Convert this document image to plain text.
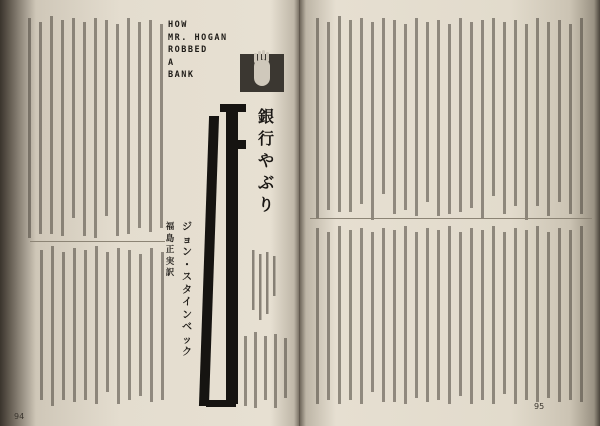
HOW
MR. HOGAN
ROBBED
A
BANK
銀
行
や
ぶ
り
ジ
ョ
ン
・
ス
タ
イ
ン
ベ
ッ
ク
福
島
正
実
訳
94
95
